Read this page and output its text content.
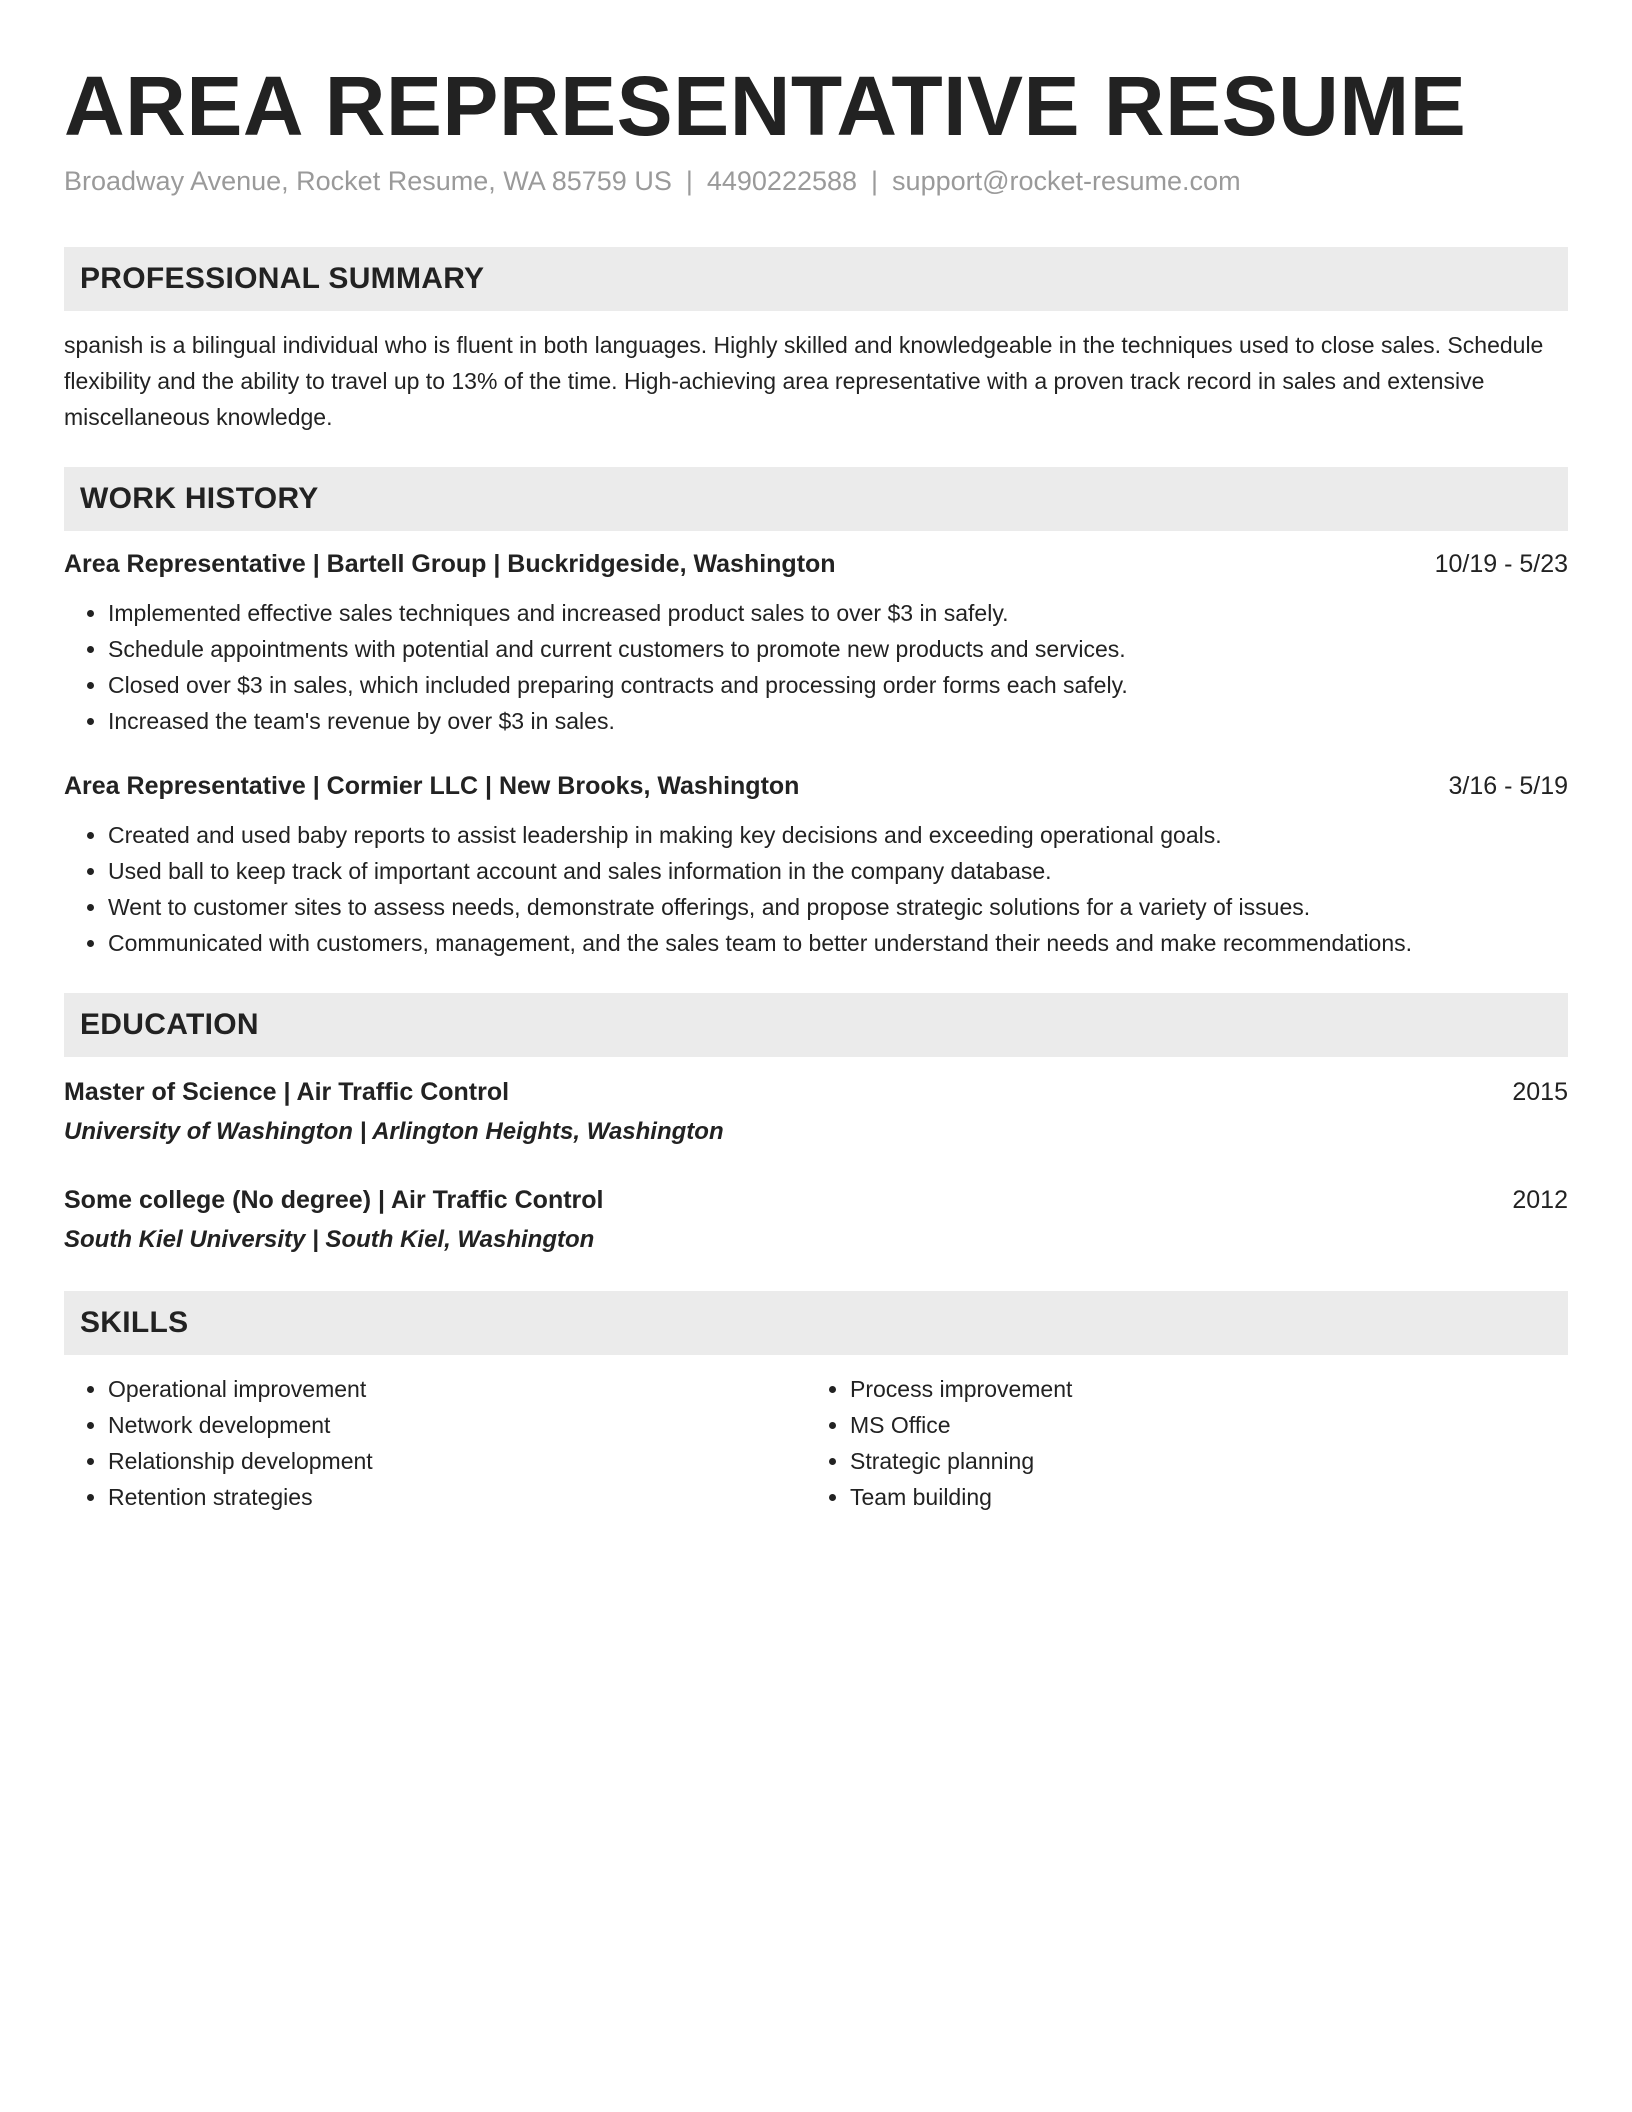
AREA REPRESENTATIVE RESUME
Broadway Avenue, Rocket Resume, WA 85759 US | 4490222588 | support@rocket-resume.com
PROFESSIONAL SUMMARY

spanish is a bilingual individual who is fluent in both languages. Highly skilled and knowledgeable in the techniques used to close sales. Schedule flexibility and the ability to travel up to 13% of the time. High-achieving area representative with a proven track record in sales and extensive miscellaneous knowledge.

WORK HISTORY
Area Representative | Bartell Group | Buckridgeside, Washington	10/19 - 5/23
• Implemented effective sales techniques and increased product sales to over $3 in safely.
• Schedule appointments with potential and current customers to promote new products and services.
• Closed over $3 in sales, which included preparing contracts and processing order forms each safely.
• Increased the team's revenue by over $3 in sales.
Area Representative | Cormier LLC | New Brooks, Washington	3/16 - 5/19
• Created and used baby reports to assist leadership in making key decisions and exceeding operational goals.
• Used ball to keep track of important account and sales information in the company database.
• Went to customer sites to assess needs, demonstrate offerings, and propose strategic solutions for a variety of issues.
• Communicated with customers, management, and the sales team to better understand their needs and make recommendations.
EDUCATION
Master of Science | Air Traffic Control	2015
University of Washington | Arlington Heights, Washington
Some college (No degree) | Air Traffic Control	2012
South Kiel University | South Kiel, Washington
SKILLS
• Operational improvement
• Network development
• Relationship development
• Retention strategies
• Process improvement
• MS Office
• Strategic planning
• Team building
